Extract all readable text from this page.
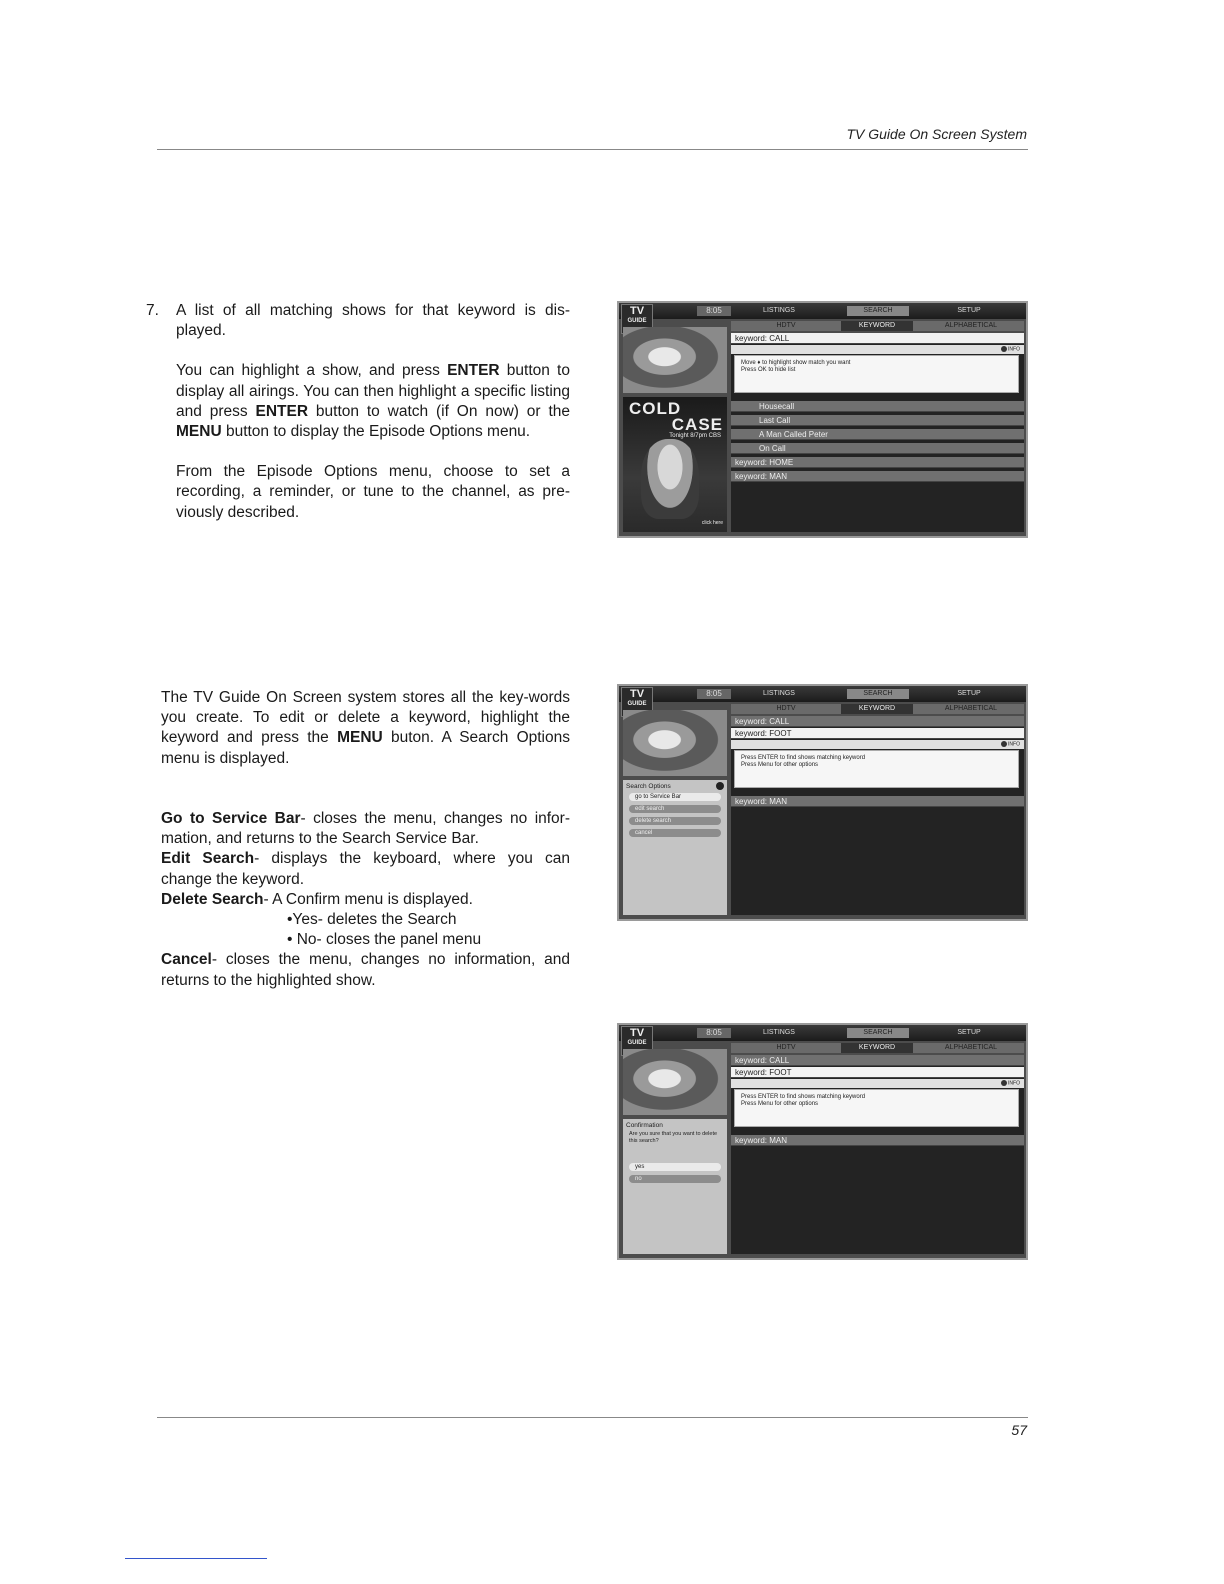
TV Guide On Screen System
7.	A list of all matching shows for that keyword is dis-played.

You can highlight a show, and press ENTER button to display all airings. You can then highlight a specific listing and press ENTER button to watch (if On now) or the MENU button to display the Episode Options menu.

From the Episode Options menu, choose to set a recording, a reminder, or tune to the channel, as pre-viously described.

The TV Guide On Screen system stores all the key-words you create. To edit or delete a keyword, highlight the keyword and press the MENU buton. A Search Options menu is displayed.

Go to Service Bar- closes the menu, changes no infor-mation, and returns to the Search Service Bar.

Edit Search- displays the keyboard, where you can change the keyword.

Delete Search- A Confirm menu is displayed.

•Yes- deletes the Search

• No- closes the panel menu

Cancel- closes the menu, changes no information, and returns to the highlighted show.

8:05	LISTINGS	SEARCH	SETUP
HDTV	KEYWORD	ALPHABETICAL
TV
GUIDE
COLD
CASE
Tonight 8/7pm CBS
click here
keyword: CALL
INFO
Move ♦ to highlight show match you want
Press OK to hide list
Housecall
Last Call
A Man Called Peter
On Call
keyword: HOME
keyword: MAN
8:05	LISTINGS	SEARCH	SETUP
HDTV	KEYWORD	ALPHABETICAL
TV
GUIDE
Search Options
go to Service Bar
edit search
delete search
cancel
keyword: CALL
keyword: FOOT
INFO
Press ENTER to find shows matching keyword
Press Menu for other options
keyword: MAN
8:05	LISTINGS	SEARCH	SETUP
HDTV	KEYWORD	ALPHABETICAL
TV
GUIDE
Confirmation
Are you sure that you want to delete this search?
yes
no
keyword: CALL
keyword: FOOT
INFO
Press ENTER to find shows matching keyword
Press Menu for other options
keyword: MAN
57
